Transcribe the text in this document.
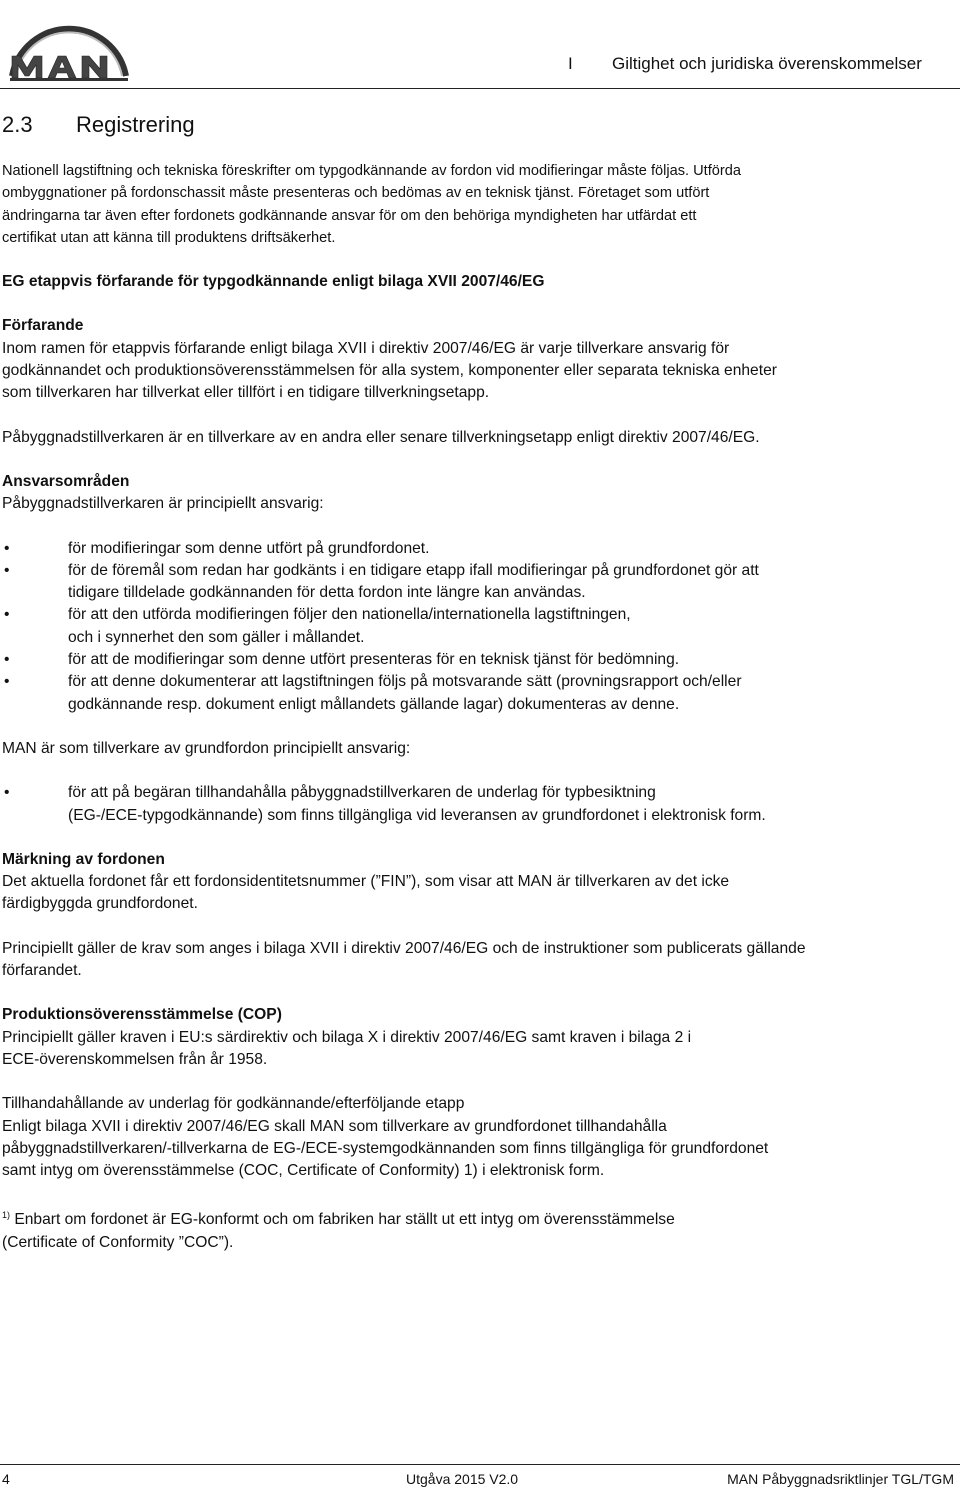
I Giltighet och juridiska överenskommelser
2.3 Registrering

Nationell lagstiftning och tekniska föreskrifter om typgodkännande av fordon vid modifieringar måste följas. Utförda

ombyggnationer på fordonschassit måste presenteras och bedömas av en teknisk tjänst. Företaget som utfört

ändringarna tar även efter fordonets godkännande ansvar för om den behöriga myndigheten har utfärdat ett

certifikat utan att känna till produktens driftsäkerhet.

EG etappvis förfarande för typgodkännande enligt bilaga XVII 2007/46/EG

Förfarande

Inom ramen för etappvis förfarande enligt bilaga XVII i direktiv 2007/46/EG är varje tillverkare ansvarig för

godkännandet och produktionsöverensstämmelsen för alla system, komponenter eller separata tekniska enheter

som tillverkaren har tillverkat eller tillfört i en tidigare tillverkningsetapp.

Påbyggnadstillverkaren är en tillverkare av en andra eller senare tillverkningsetapp enligt direktiv 2007/46/EG.

Ansvarsområden

Påbyggnadstillverkaren är principiellt ansvarig:

•	för modifieringar som denne utfört på grundfordonet.
•	för de föremål som redan har godkänts i en tidigare etapp ifall modifieringar på grundfordonet gör att
tidigare tilldelade godkännanden för detta fordon inte längre kan användas.
•	för att den utförda modifieringen följer den nationella/internationella lagstiftningen,
och i synnerhet den som gäller i mållandet.
•	för att de modifieringar som denne utfört presenteras för en teknisk tjänst för bedömning.
•	för att denne dokumenterar att lagstiftningen följs på motsvarande sätt (provningsrapport och/eller
godkännande resp. dokument enligt mållandets gällande lagar) dokumenteras av denne.

MAN är som tillverkare av grundfordon principiellt ansvarig:

•	för att på begäran tillhandahålla påbyggnadstillverkaren de underlag för typbesiktning
(EG-/ECE-typgodkännande) som finns tillgängliga vid leveransen av grundfordonet i elektronisk form.

Märkning av fordonen

Det aktuella fordonet får ett fordonsidentitetsnummer (”FIN”), som visar att MAN är tillverkaren av det icke

färdigbyggda grundfordonet.

Principiellt gäller de krav som anges i bilaga XVII i direktiv 2007/46/EG och de instruktioner som publicerats gällande

förfarandet.

Produktionsöverensstämmelse (COP)

Principiellt gäller kraven i EU:s särdirektiv och bilaga X i direktiv 2007/46/EG samt kraven i bilaga 2 i

ECE-överenskommelsen från år 1958.

Tillhandahållande av underlag för godkännande/efterföljande etapp

Enligt bilaga XVII i direktiv 2007/46/EG skall MAN som tillverkare av grundfordonet tillhandahålla

påbyggnadstillverkaren/-tillverkarna de EG-/ECE-systemgodkännanden som finns tillgängliga för grundfordonet

samt intyg om överensstämmelse (COC, Certificate of Conformity) 1) i elektronisk form.

$^{1)}$ Enbart om fordonet är EG-konformt och om fabriken har ställt ut ett intyg om överensstämmelse

(Certificate of Conformity ”COC”).

4	Utgåva 2015 V2.0	MAN Påbyggnadsriktlinjer TGL/TGM
